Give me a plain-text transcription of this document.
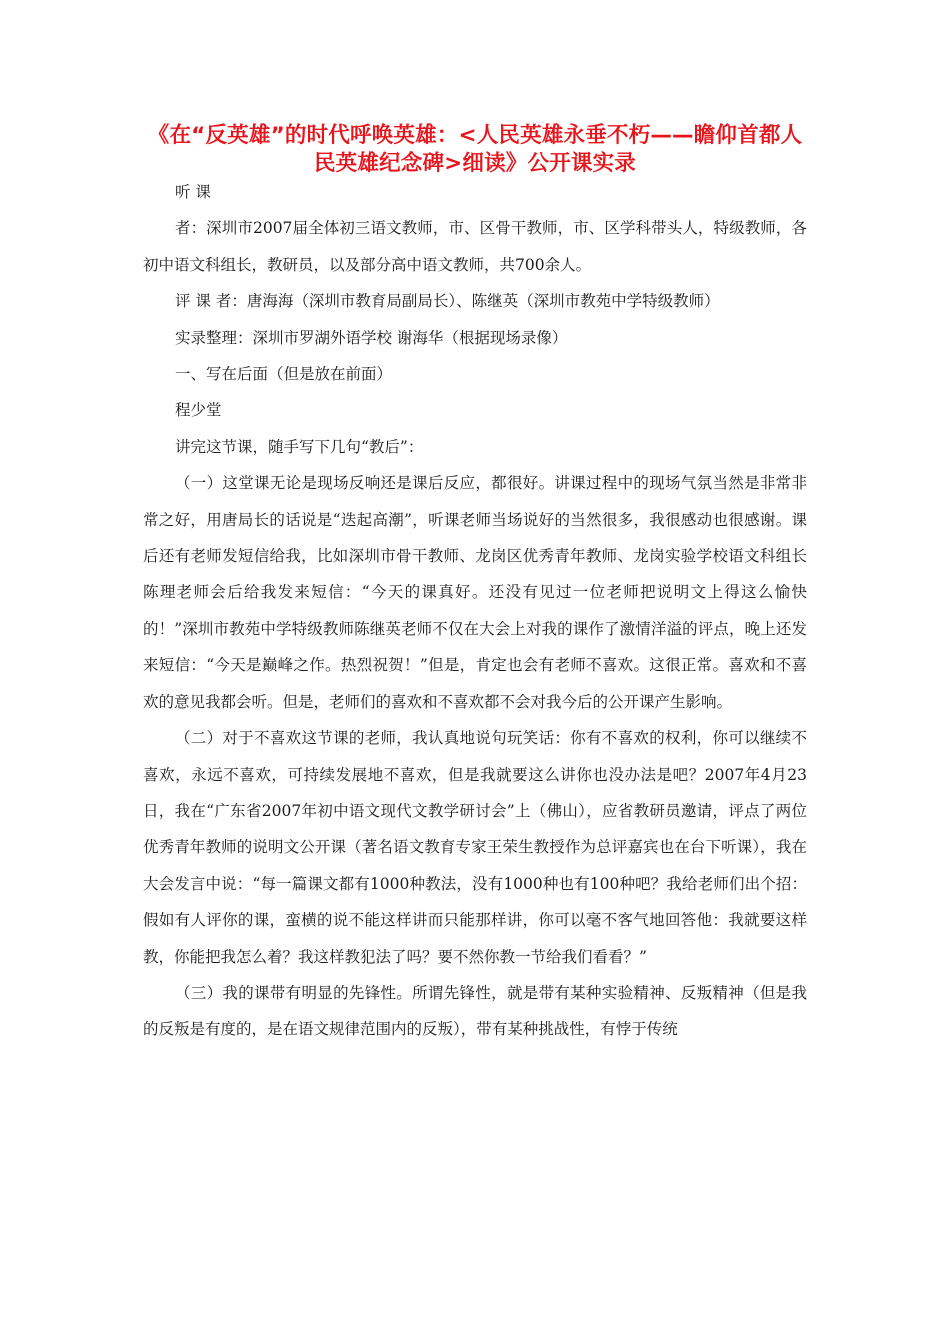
《在“反英雄”的时代呼唤英雄：<人民英雄永垂不朽——瞻仰首都人民英雄纪念碑>细读》公开课实录

听 课

者：深圳市2007届全体初三语文教师，市、区骨干教师，市、区学科带头人，特级教师，各初中语文科组长，教研员，以及部分高中语文教师，共700余人。

评 课 者：唐海海（深圳市教育局副局长）、陈继英（深圳市教苑中学特级教师）

实录整理：深圳市罗湖外语学校 谢海华（根据现场录像）

一、写在后面（但是放在前面）

程少堂

讲完这节课，随手写下几句“教后”：

（一）这堂课无论是现场反响还是课后反应，都很好。讲课过程中的现场气氛当然是非常非常之好，用唐局长的话说是“迭起高潮”，听课老师当场说好的当然很多，我很感动也很感谢。课后还有老师发短信给我，比如深圳市骨干教师、龙岗区优秀青年教师、龙岗实验学校语文科组长陈理老师会后给我发来短信：“今天的课真好。还没有见过一位老师把说明文上得这么愉快的！”深圳市教苑中学特级教师陈继英老师不仅在大会上对我的课作了激情洋溢的评点，晚上还发来短信：“今天是巅峰之作。热烈祝贺！”但是，肯定也会有老师不喜欢。这很正常。喜欢和不喜欢的意见我都会听。但是，老师们的喜欢和不喜欢都不会对我今后的公开课产生影响。

（二）对于不喜欢这节课的老师，我认真地说句玩笑话：你有不喜欢的权利，你可以继续不喜欢，永远不喜欢，可持续发展地不喜欢，但是我就要这么讲你也没办法是吧？2007年4月23日，我在“广东省2007年初中语文现代文教学研讨会”上（佛山），应省教研员邀请，评点了两位优秀青年教师的说明文公开课（著名语文教育专家王荣生教授作为总评嘉宾也在台下听课），我在大会发言中说：“每一篇课文都有1000种教法，没有1000种也有100种吧？我给老师们出个招：假如有人评你的课，蛮横的说不能这样讲而只能那样讲，你可以毫不客气地回答他：我就要这样教，你能把我怎么着？我这样教犯法了吗？要不然你教一节给我们看看？”

（三）我的课带有明显的先锋性。所谓先锋性，就是带有某种实验精神、反叛精神（但是我的反叛是有度的，是在语文规律范围内的反叛），带有某种挑战性，有悖于传统
